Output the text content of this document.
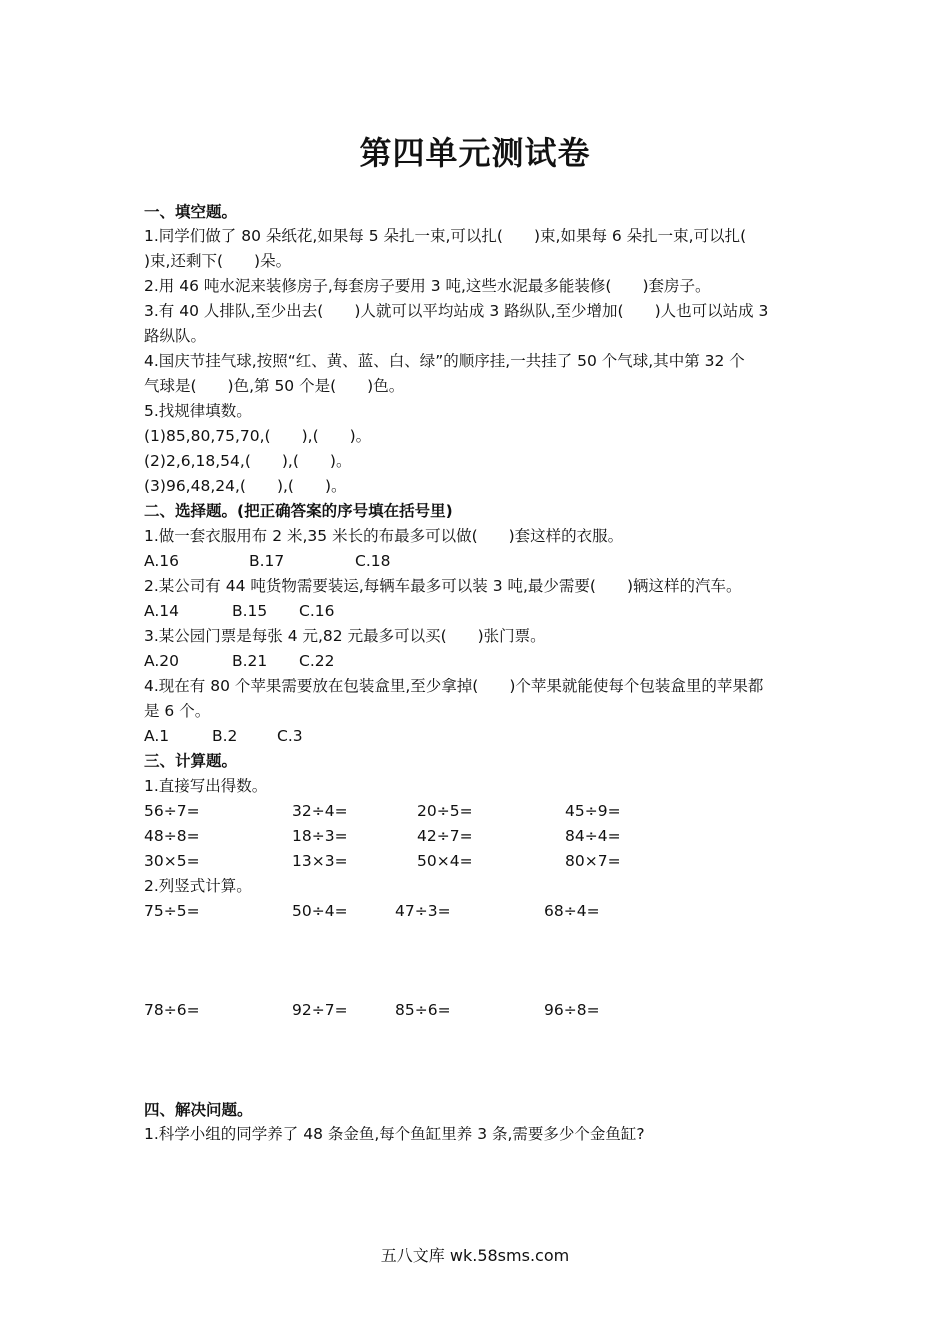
第四单元测试卷
一、填空题。
1.同学们做了 80 朵纸花,如果每 5 朵扎一束,可以扎(　　)束,如果每 6 朵扎一束,可以扎(
)束,还剩下(　　)朵。
2.用 46 吨水泥来装修房子,每套房子要用 3 吨,这些水泥最多能装修(　　)套房子。
3.有 40 人排队,至少出去(　　)人就可以平均站成 3 路纵队,至少增加(　　)人也可以站成 3
路纵队。
4.国庆节挂气球,按照“红、黄、蓝、白、绿”的顺序挂,一共挂了 50 个气球,其中第 32 个
气球是(　　)色,第 50 个是(　　)色。
5.找规律填数。
(1)85,80,75,70,(　　),(　　)。
(2)2,6,18,54,(　　),(　　)。
(3)96,48,24,(　　),(　　)。
二、选择题。(把正确答案的序号填在括号里)
1.做一套衣服用布 2 米,35 米长的布最多可以做(　　)套这样的衣服。
A.16	B.17	C.18
2.某公司有 44 吨货物需要装运,每辆车最多可以装 3 吨,最少需要(　　)辆这样的汽车。
A.14	B.15 C.16
3.某公园门票是每张 4 元,82 元最多可以买(　　)张门票。
A.20	B.21 C.22
4.现在有 80 个苹果需要放在包装盒里,至少拿掉(　　)个苹果就能使每个包装盒里的苹果都
是 6 个。
A.1	B.2	C.3
三、计算题。
1.直接写出得数。
56÷7=	32÷4=	20÷5=	45÷9=
48÷8=	18÷3=	42÷7=	84÷4=
30×5=	13×3=	50×4=	80×7=
2.列竖式计算。
75÷5=	50÷4=	47÷3=	68÷4=
78÷6=	92÷7=	85÷6=	96÷8=
四、解决问题。
1.科学小组的同学养了 48 条金鱼,每个鱼缸里养 3 条,需要多少个金鱼缸?
五八文库 wk.58sms.com
